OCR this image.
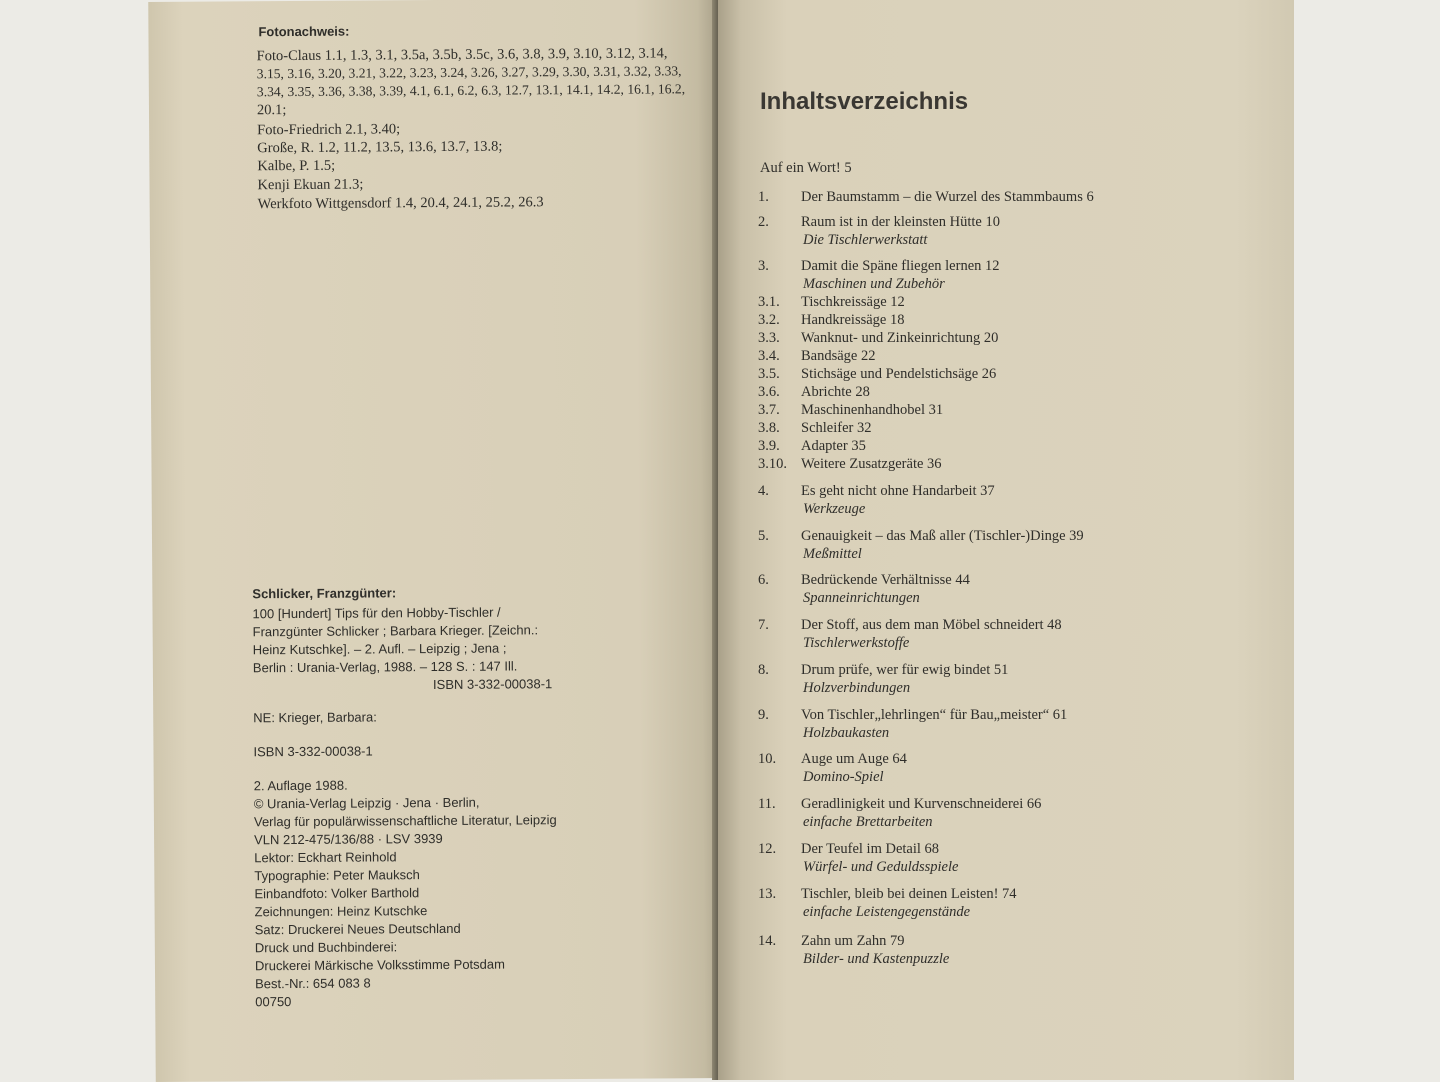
Fotonachweis:
Foto-Claus 1.1, 1.3, 3.1, 3.5a, 3.5b, 3.5c, 3.6, 3.8, 3.9, 3.10, 3.12, 3.14,
3.15, 3.16, 3.20, 3.21, 3.22, 3.23, 3.24, 3.26, 3.27, 3.29, 3.30, 3.31, 3.32, 3.33,
3.34, 3.35, 3.36, 3.38, 3.39, 4.1, 6.1, 6.2, 6.3, 12.7, 13.1, 14.1, 14.2, 16.1, 16.2,
20.1;
Foto-Friedrich 2.1, 3.40;
Große, R. 1.2, 11.2, 13.5, 13.6, 13.7, 13.8;
Kalbe, P. 1.5;
Kenji Ekuan 21.3;
Werkfoto Wittgensdorf 1.4, 20.4, 24.1, 25.2, 26.3
Schlicker, Franzgünter:
100 [Hundert] Tips für den Hobby-Tischler /
Franzgünter Schlicker ; Barbara Krieger. [Zeichn.:
Heinz Kutschke]. – 2. Aufl. – Leipzig ; Jena ;
Berlin : Urania-Verlag, 1988. – 128 S. : 147 Ill.
ISBN 3-332-00038-1
NE: Krieger, Barbara:
ISBN 3-332-00038-1
2. Auflage 1988.
© Urania-Verlag Leipzig · Jena · Berlin,
Verlag für populärwissenschaftliche Literatur, Leipzig
VLN 212-475/136/88 · LSV 3939
Lektor: Eckhart Reinhold
Typographie: Peter Mauksch
Einbandfoto: Volker Barthold
Zeichnungen: Heinz Kutschke
Satz: Druckerei Neues Deutschland
Druck und Buchbinderei:
Druckerei Märkische Volksstimme Potsdam
Best.-Nr.: 654 083 8
00750
Inhaltsverzeichnis
Auf ein Wort! 5
1. Der Baumstamm – die Wurzel des Stammbaums 6
2. Raum ist in der kleinsten Hütte 10
Die Tischlerwerkstatt
3. Damit die Späne fliegen lernen 12
Maschinen und Zubehör
3.1. Tischkreissäge 12
3.2. Handkreissäge 18
3.3. Wanknut- und Zinkeinrichtung 20
3.4. Bandsäge 22
3.5. Stichsäge und Pendelstichsäge 26
3.6. Abrichte 28
3.7. Maschinenhandhobel 31
3.8. Schleifer 32
3.9. Adapter 35
3.10. Weitere Zusatzgeräte 36
4. Es geht nicht ohne Handarbeit 37
Werkzeuge
5. Genauigkeit – das Maß aller (Tischler-)Dinge 39
Meßmittel
6. Bedrückende Verhältnisse 44
Spanneinrichtungen
7. Der Stoff, aus dem man Möbel schneidert 48
Tischlerwerkstoffe
8. Drum prüfe, wer für ewig bindet 51
Holzverbindungen
9. Von Tischler„lehrlingen“ für Bau„meister“ 61
Holzbaukasten
10. Auge um Auge 64
Domino-Spiel
11. Geradlinigkeit und Kurvenschneiderei 66
einfache Brettarbeiten
12. Der Teufel im Detail 68
Würfel- und Geduldsspiele
13. Tischler, bleib bei deinen Leisten! 74
einfache Leistengegenstände
14. Zahn um Zahn 79
Bilder- und Kastenpuzzle
